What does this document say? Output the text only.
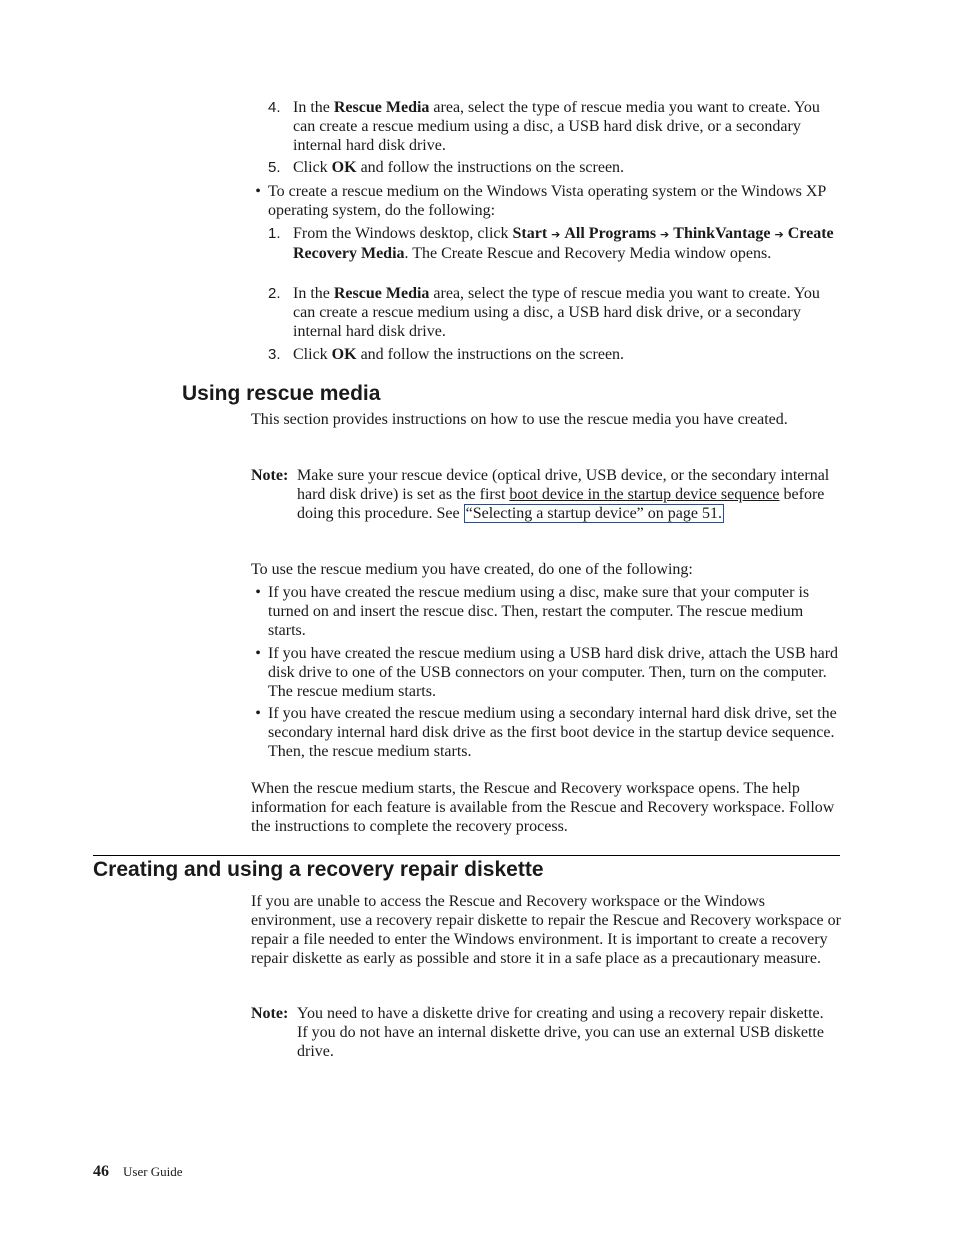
4. In the Rescue Media area, select the type of rescue media you want to create. You can create a rescue medium using a disc, a USB hard disk drive, or a secondary internal hard disk drive.
5. Click OK and follow the instructions on the screen.
• To create a rescue medium on the Windows Vista operating system or the Windows XP operating system, do the following:
1. From the Windows desktop, click Start ➔ All Programs ➔ ThinkVantage ➔ Create Recovery Media. The Create Rescue and Recovery Media window opens.
2. In the Rescue Media area, select the type of rescue media you want to create. You can create a rescue medium using a disc, a USB hard disk drive, or a secondary internal hard disk drive.
3. Click OK and follow the instructions on the screen.
Using rescue media
This section provides instructions on how to use the rescue media you have created.
Note: Make sure your rescue device (optical drive, USB device, or the secondary internal hard disk drive) is set as the first boot device in the startup device sequence before doing this procedure. See “Selecting a startup device” on page 51.
To use the rescue medium you have created, do one of the following:
• If you have created the rescue medium using a disc, make sure that your computer is turned on and insert the rescue disc. Then, restart the computer. The rescue medium starts.
• If you have created the rescue medium using a USB hard disk drive, attach the USB hard disk drive to one of the USB connectors on your computer. Then, turn on the computer. The rescue medium starts.
• If you have created the rescue medium using a secondary internal hard disk drive, set the secondary internal hard disk drive as the first boot device in the startup device sequence. Then, the rescue medium starts.
When the rescue medium starts, the Rescue and Recovery workspace opens. The help information for each feature is available from the Rescue and Recovery workspace. Follow the instructions to complete the recovery process.
Creating and using a recovery repair diskette
If you are unable to access the Rescue and Recovery workspace or the Windows environment, use a recovery repair diskette to repair the Rescue and Recovery workspace or repair a file needed to enter the Windows environment. It is important to create a recovery repair diskette as early as possible and store it in a safe place as a precautionary measure.
Note: You need to have a diskette drive for creating and using a recovery repair diskette. If you do not have an internal diskette drive, you can use an external USB diskette drive.
46 User Guide
